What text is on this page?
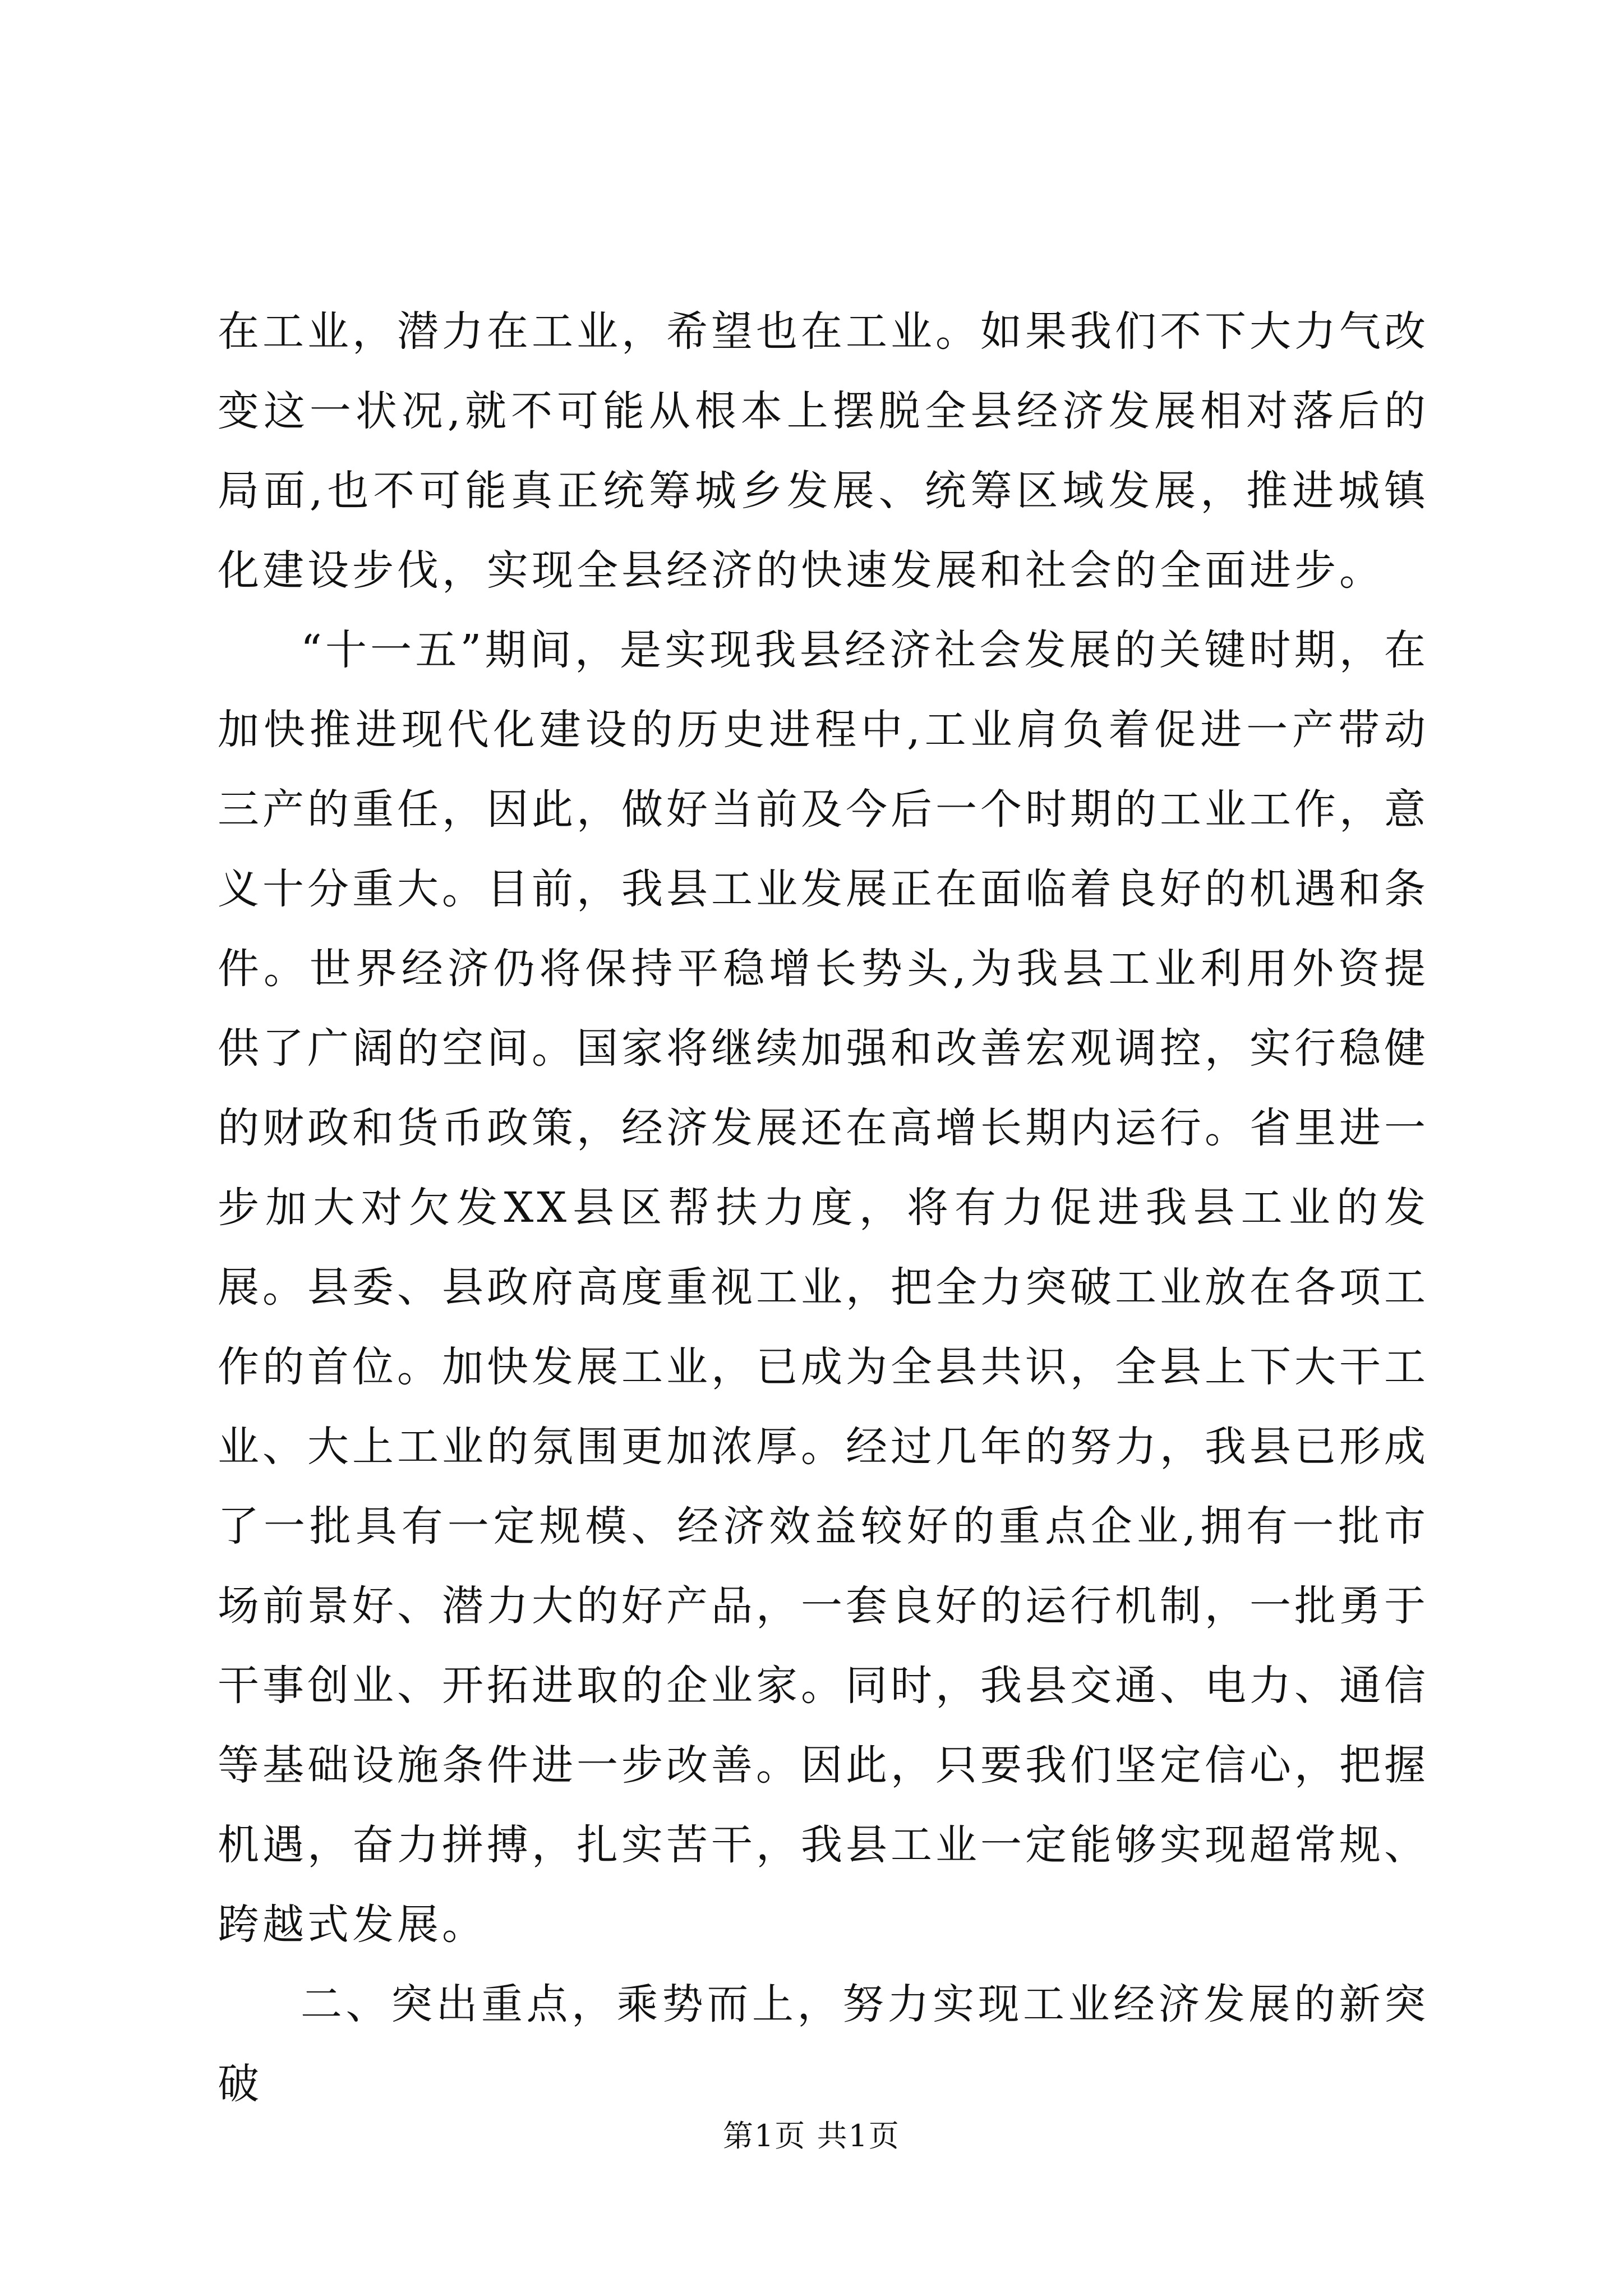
在工业，潜力在工业，希望也在工业。如果我们不下大力气改变这一状况,就不可能从根本上摆脱全县经济发展相对落后的局面,也不可能真正统筹城乡发展、统筹区域发展，推进城镇化建设步伐，实现全县经济的快速发展和社会的全面进步。

“十一五”期间，是实现我县经济社会发展的关键时期，在加快推进现代化建设的历史进程中,工业肩负着促进一产带动三产的重任，因此，做好当前及今后一个时期的工业工作，意义十分重大。目前，我县工业发展正在面临着良好的机遇和条件。世界经济仍将保持平稳增长势头,为我县工业利用外资提供了广阔的空间。国家将继续加强和改善宏观调控，实行稳健的财政和货币政策，经济发展还在高增长期内运行。省里进一步加大对欠发XX县区帮扶力度，将有力促进我县工业的发展。县委、县政府高度重视工业，把全力突破工业放在各项工作的首位。加快发展工业，已成为全县共识，全县上下大干工业、大上工业的氛围更加浓厚。经过几年的努力，我县已形成了一批具有一定规模、经济效益较好的重点企业,拥有一批市场前景好、潜力大的好产品，一套良好的运行机制，一批勇于干事创业、开拓进取的企业家。同时，我县交通、电力、通信等基础设施条件进一步改善。因此，只要我们坚定信心，把握机遇，奋力拼搏，扎实苦干，我县工业一定能够实现超常规、跨越式发展。

二、突出重点，乘势而上，努力实现工业经济发展的新突破

第1页 共1页
